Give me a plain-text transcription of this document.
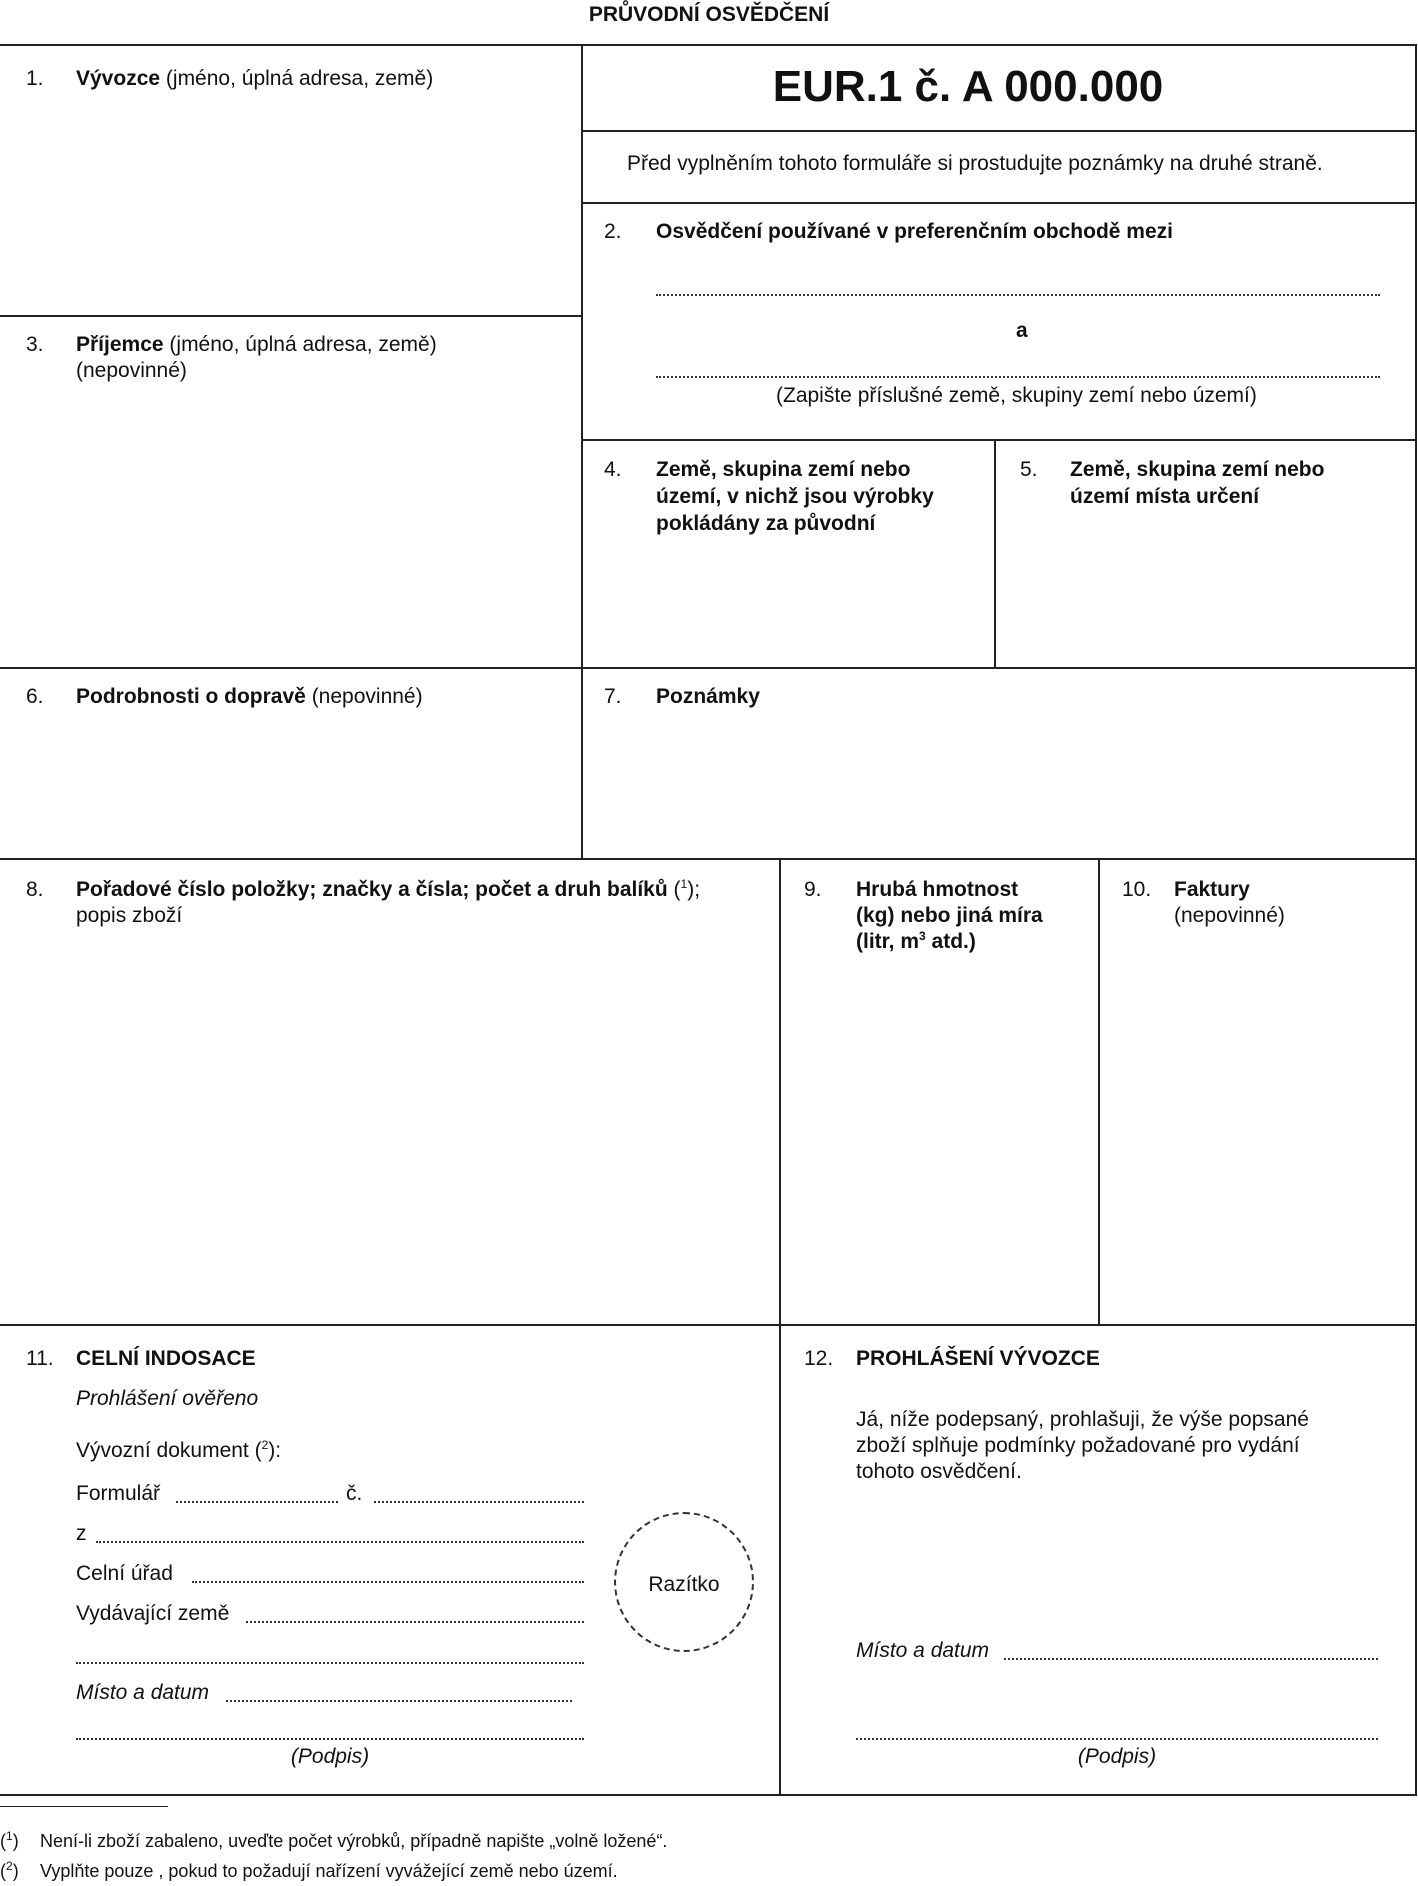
PRŮVODNÍ OSVĚDČENÍ
1. Vývozce (jméno, úplná adresa, země)	EUR.1 č. A 000.000
Před vyplněním tohoto formuláře si prostudujte poznámky na druhé straně.
2. Osvědčení používané v preferenčním obchodě mezi
a
(Zapište příslušné země, skupiny zemí nebo území)
3. Příjemce (jméno, úplná adresa, země)
(nepovinné)
4. Země, skupina zemí nebo
území, v nichž jsou výrobky
pokládány za původní
5. Země, skupina zemí nebo
území místa určení
6. Podrobnosti o dopravě (nepovinné)	7. Poznámky
8. Pořadové číslo položky; značky a čísla; počet a druh balíků ($^1$);
popis zboží
9. Hrubá hmotnost
(kg) nebo jiná míra
(litr, $m^3$ atd.)
10. Faktury
(nepovinné)
11. CELNÍ INDOSACE
Prohlášení ověřeno
Vývozní dokument ($^2$):
Formulář	č.
z
Celní úřad
Vydávající země
Místo a datum
(Podpis)
Razítko
12. PROHLÁŠENÍ VÝVOZCE
Já, níže podepsaný, prohlašuji, že výše popsané
zboží splňuje podmínky požadované pro vydání
tohoto osvědčení.
Místo a datum
(Podpis)
($^1$) Není-li zboží zabaleno, uveďte počet výrobků, případně napište „volně ložené“.
($^2$) Vyplňte pouze , pokud to požadují nařízení vyvážející země nebo území.
